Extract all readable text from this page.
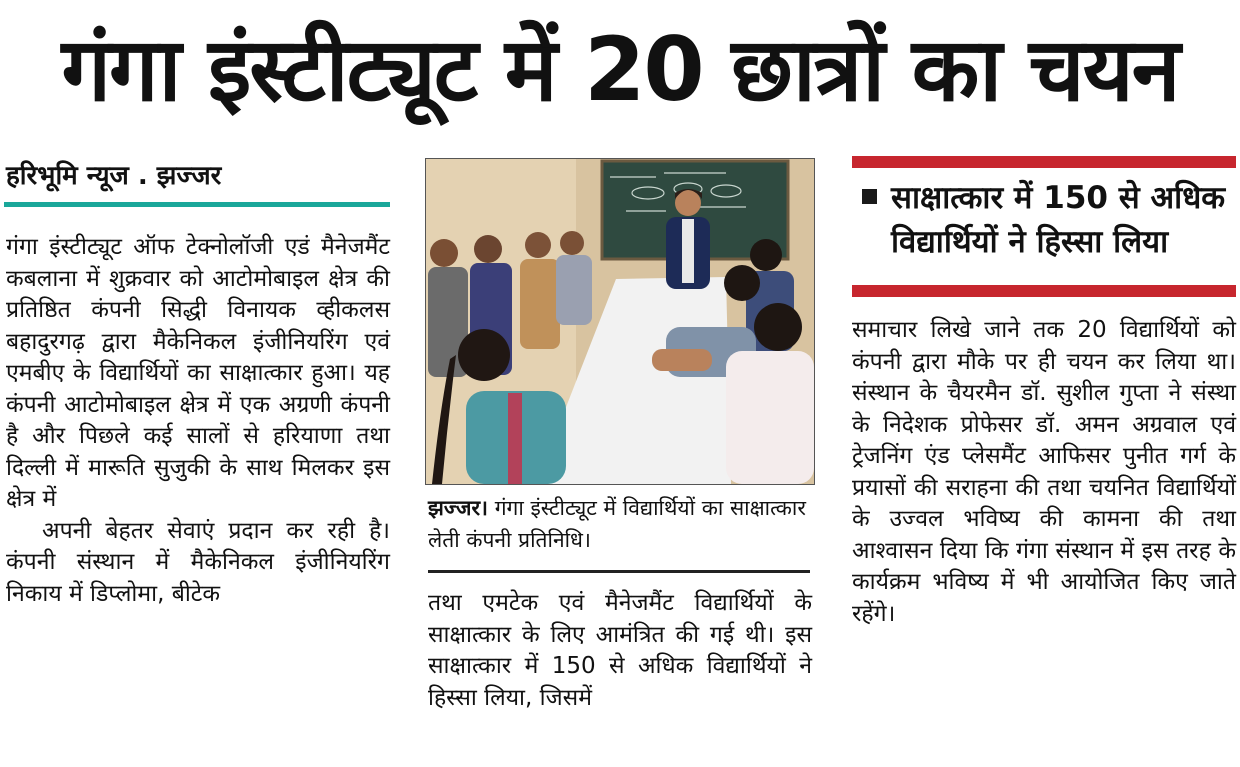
गंगा इंस्टीट्यूट में 20 छात्रों का चयन
हरिभूमि न्यूज . झज्जर

गंगा इंस्टीट्यूट ऑफ टेक्नोलॉजी एडं मैनेजमैंट कबलाना में शुक्रवार को आटोमोबाइल क्षेत्र की प्रतिष्ठित कंपनी सिद्धी विनायक व्हीकलस बहादुरगढ़ द्वारा मैकेनिकल इंजीनियरिंग एवं एमबीए के विद्यार्थियों का साक्षात्कार हुआ। यह कंपनी आटोमोबाइल क्षेत्र में एक अग्रणी कंपनी है और पिछले कई सालों से हरियाणा तथा दिल्ली में मारूति सुजुकी के साथ मिलकर इस क्षेत्र में

अपनी बेहतर सेवाएं प्रदान कर रही है। कंपनी संस्थान में मैकेनिकल इंजीनियरिंग निकाय में डिप्लोमा, बीटेक

झज्जर। गंगा इंस्टीट्यूट में विद्यार्थियों का साक्षात्कार लेती कंपनी प्रतिनिधि।

तथा एमटेक एवं मैनेजमैंट विद्यार्थियों के साक्षात्कार के लिए आमंत्रित की गई थी। इस साक्षात्कार में 150 से अधिक विद्यार्थियों ने हिस्सा लिया, जिसमें

साक्षात्कार में 150 से अधिक
विद्यार्थियों ने हिस्सा लिया

समाचार लिखे जाने तक 20 विद्यार्थियों को कंपनी द्वारा मौके पर ही चयन कर लिया था। संस्थान के चैयरमैन डॉ. सुशील गुप्ता ने संस्था के निदेशक प्रोफेसर डॉ. अमन अग्रवाल एवं ट्रेजनिंग एंड प्लेसमैंट आफिसर पुनीत गर्ग के प्रयासों की सराहना की तथा चयनित विद्यार्थियों के उज्वल भविष्य की कामना की तथा आश्वासन दिया कि गंगा संस्थान में इस तरह के कार्यक्रम भविष्य में भी आयोजित किए जाते रहेंगे।
